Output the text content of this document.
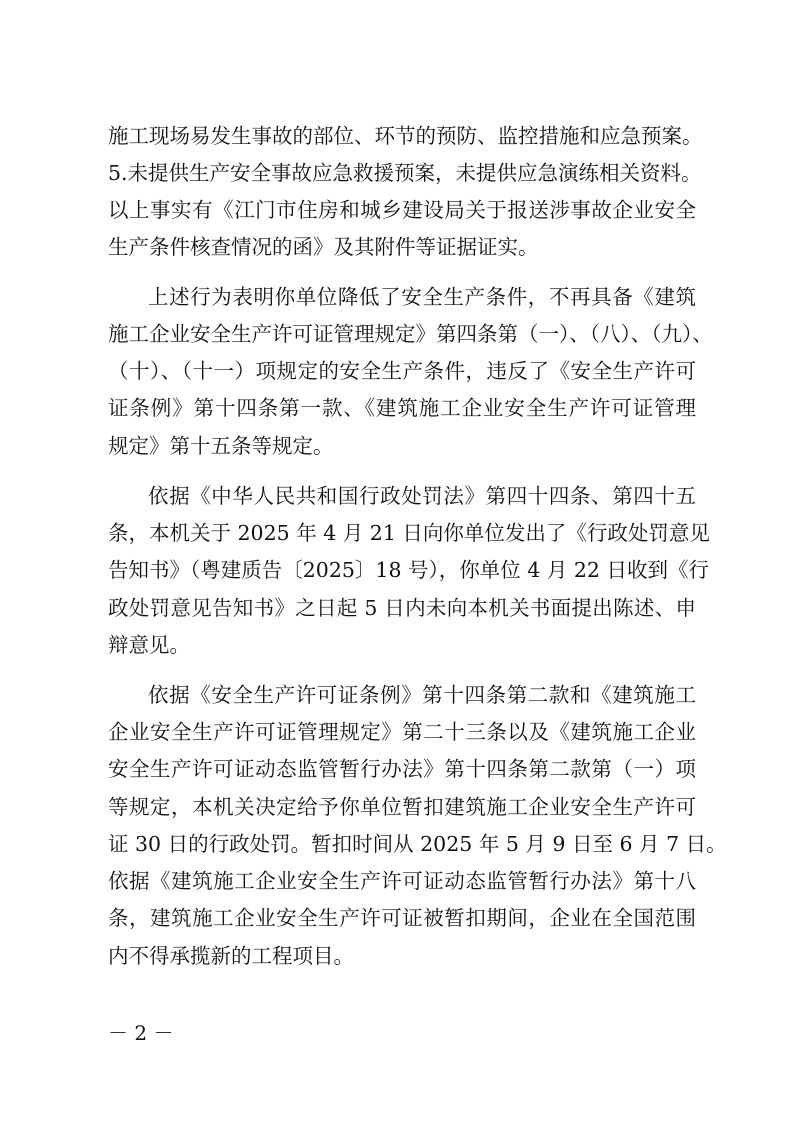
施工现场易发生事故的部位、环节的预防、监控措施和应急预案。
5.未提供生产安全事故应急救援预案，未提供应急演练相关资料。
以上事实有《江门市住房和城乡建设局关于报送涉事故企业安全
生产条件核查情况的函》及其附件等证据证实。
上述行为表明你单位降低了安全生产条件，不再具备《建筑
施工企业安全生产许可证管理规定》第四条第（一）、（八）、（九）、
（十）、（十一）项规定的安全生产条件，违反了《安全生产许可
证条例》第十四条第一款、《建筑施工企业安全生产许可证管理
规定》第十五条等规定。
依据《中华人民共和国行政处罚法》第四十四条、第四十五
条，本机关于 2025 年 4 月 21 日向你单位发出了《行政处罚意见
告知书》（粤建质告〔2025〕18 号），你单位 4 月 22 日收到《行
政处罚意见告知书》之日起 5 日内未向本机关书面提出陈述、申
辩意见。
依据《安全生产许可证条例》第十四条第二款和《建筑施工
企业安全生产许可证管理规定》第二十三条以及《建筑施工企业
安全生产许可证动态监管暂行办法》第十四条第二款第（一）项
等规定，本机关决定给予你单位暂扣建筑施工企业安全生产许可
证 30 日的行政处罚。暂扣时间从 2025 年 5 月 9 日至 6 月 7 日。
依据《建筑施工企业安全生产许可证动态监管暂行办法》第十八
条，建筑施工企业安全生产许可证被暂扣期间，企业在全国范围
内不得承揽新的工程项目。
－ 2 －
